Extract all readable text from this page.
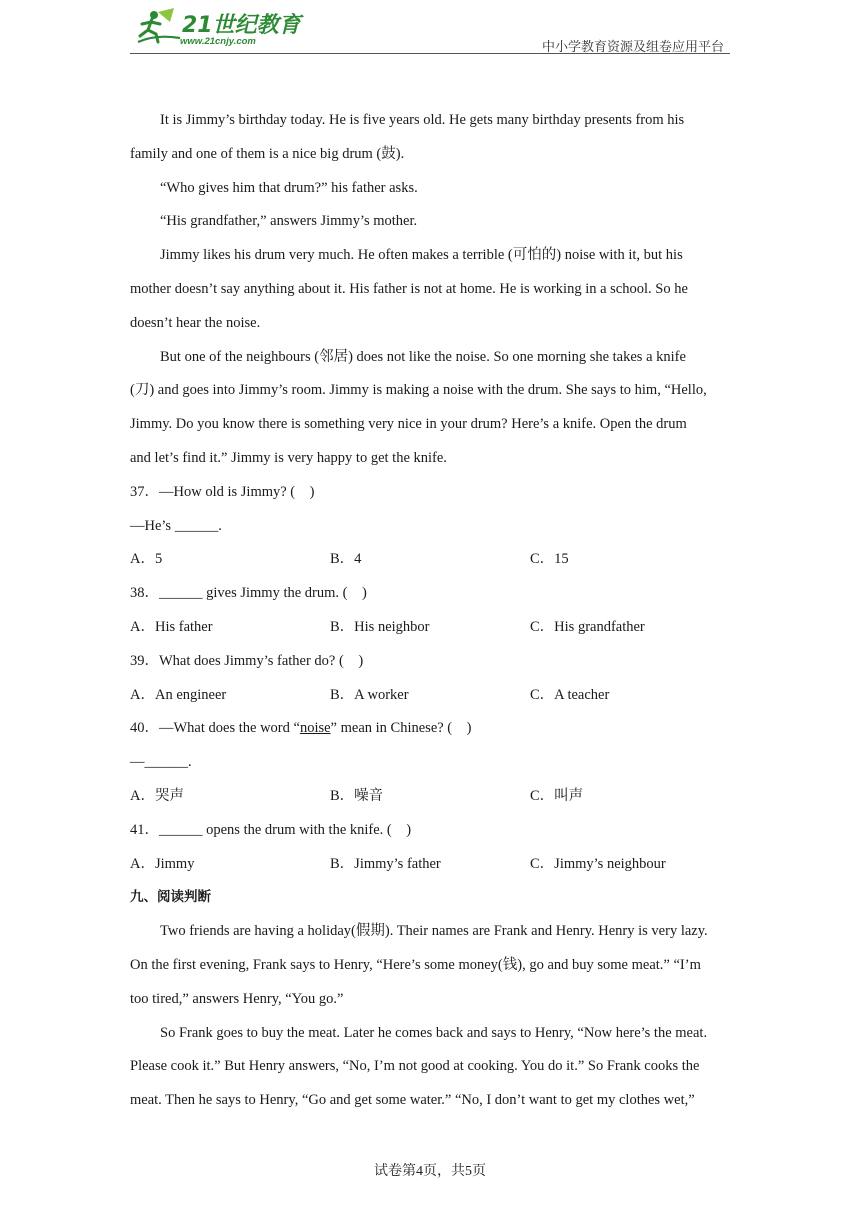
21世纪教育
www.21cnjy.com	中小学教育资源及组卷应用平台
It is Jimmy’s birthday today. He is five years old. He gets many birthday presents from his
family and one of them is a nice big drum (鼓).
“Who gives him that drum?” his father asks.
“His grandfather,” answers Jimmy’s mother.
Jimmy likes his drum very much. He often makes a terrible (可怕的) noise with it, but his
mother doesn’t say anything about it. His father is not at home. He is working in a school. So he
doesn’t hear the noise.
But one of the neighbours (邻居) does not like the noise. So one morning she takes a knife
(刀) and goes into Jimmy’s room. Jimmy is making a noise with the drum. She says to him, “Hello,
Jimmy. Do you know there is something very nice in your drum? Here’s a knife. Open the drum
and let’s find it.” Jimmy is very happy to get the knife.
37．—How old is Jimmy? (　)
—He’s ______.
A．5	B．4	C．15
38．______ gives Jimmy the drum. (　)
A．His father	B．His neighbor	C．His grandfather
39．What does Jimmy’s father do? (　)
A．An engineer	B．A worker	C．A teacher
40．—What does the word “noise” mean in Chinese? (　)
—______.
A．哭声	B．噪音	C．叫声
41．______ opens the drum with the knife. (　)
A．Jimmy	B．Jimmy’s father	C．Jimmy’s neighbour
九、阅读判断
Two friends are having a holiday(假期). Their names are Frank and Henry. Henry is very lazy.
On the first evening, Frank says to Henry, “Here’s some money(钱), go and buy some meat.” “I’m
too tired,” answers Henry, “You go.”
So Frank goes to buy the meat. Later he comes back and says to Henry, “Now here’s the meat.
Please cook it.” But Henry answers, “No, I’m not good at cooking. You do it.” So Frank cooks the
meat. Then he says to Henry, “Go and get some water.” “No, I don’t want to get my clothes wet,”
试卷第4页，共5页
